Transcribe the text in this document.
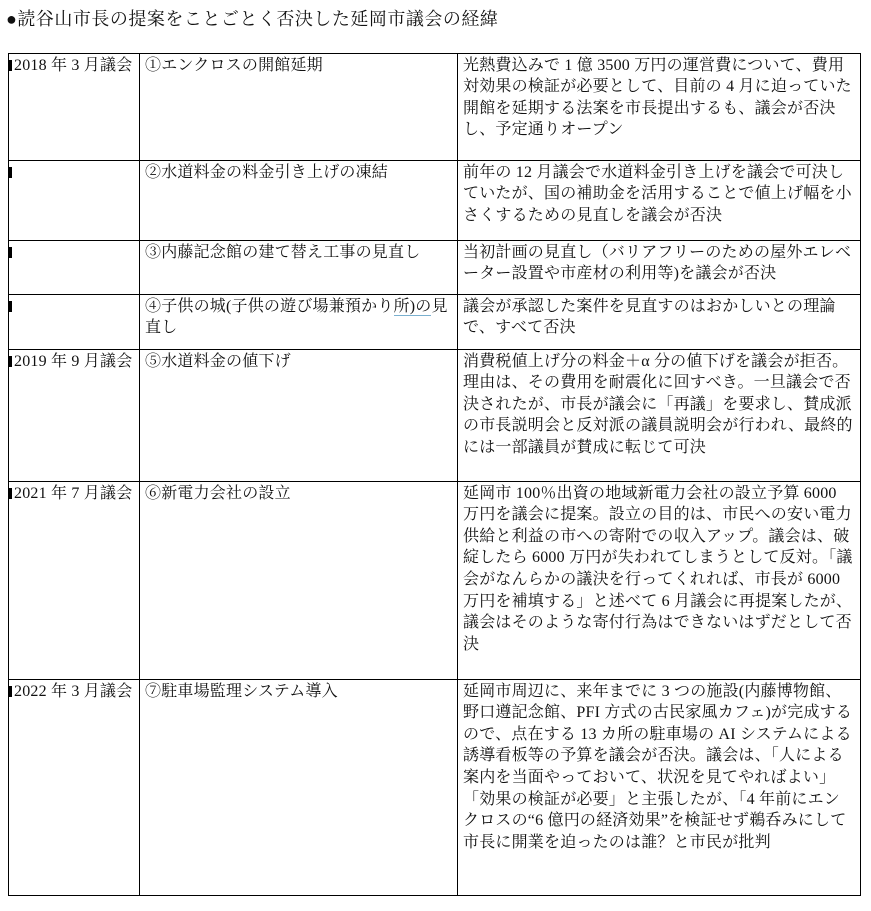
●読谷山市長の提案をことごとく否決した延岡市議会の経緯
2018 年 3 月議会	①エンクロスの開館延期	光熱費込みで 1 億 3500 万円の運営費について、費用対効果の検証が必要として、目前の 4 月に迫っていた開館を延期する法案を市長提出するも、議会が否決し、予定通りオープン

	②水道料金の料金引き上げの凍結	前年の 12 月議会で水道料金引き上げを議会で可決していたが、国の補助金を活用することで値上げ幅を小さくするための見直しを議会が否決

	③内藤記念館の建て替え工事の見直し	当初計画の見直し（バリアフリーのための屋外エレベーター設置や市産材の利用等)を議会が否決

	④子供の城(子供の遊び場兼預かり所)の見直し	議会が承認した案件を見直すのはおかしいとの理論で、すべて否決

2019 年 9 月議会	⑤水道料金の値下げ	消費税値上げ分の料金＋α 分の値下げを議会が拒否。理由は、その費用を耐震化に回すべき。一旦議会で否決されたが、市長が議会に「再議」を要求し、賛成派の市長説明会と反対派の議員説明会が行われ、最終的には一部議員が賛成に転じて可決

2021 年 7 月議会	⑥新電力会社の設立	延岡市 100％出資の地域新電力会社の設立予算 6000 万円を議会に提案。設立の目的は、市民への安い電力供給と利益の市への寄附での収入アップ。議会は、破綻したら 6000 万円が失われてしまうとして反対。「議会がなんらかの議決を行ってくれれば、市長が 6000 万円を補填する」と述べて 6 月議会に再提案したが、議会はそのような寄付行為はできないはずだとして否決

2022 年 3 月議会	⑦駐車場監理システム導入	延岡市周辺に、来年までに 3 つの施設(内藤博物館、野口遵記念館、PFI 方式の古民家風カフェ)が完成するので、点在する 13 カ所の駐車場の AI システムによる誘導看板等の予算を議会が否決。議会は、「人による案内を当面やっておいて、状況を見てやればよい」「効果の検証が必要」と主張したが、「4 年前にエンクロスの“6 億円の経済効果”を検証せず鵜呑みにして市長に開業を迫ったのは誰？と市民が批判
